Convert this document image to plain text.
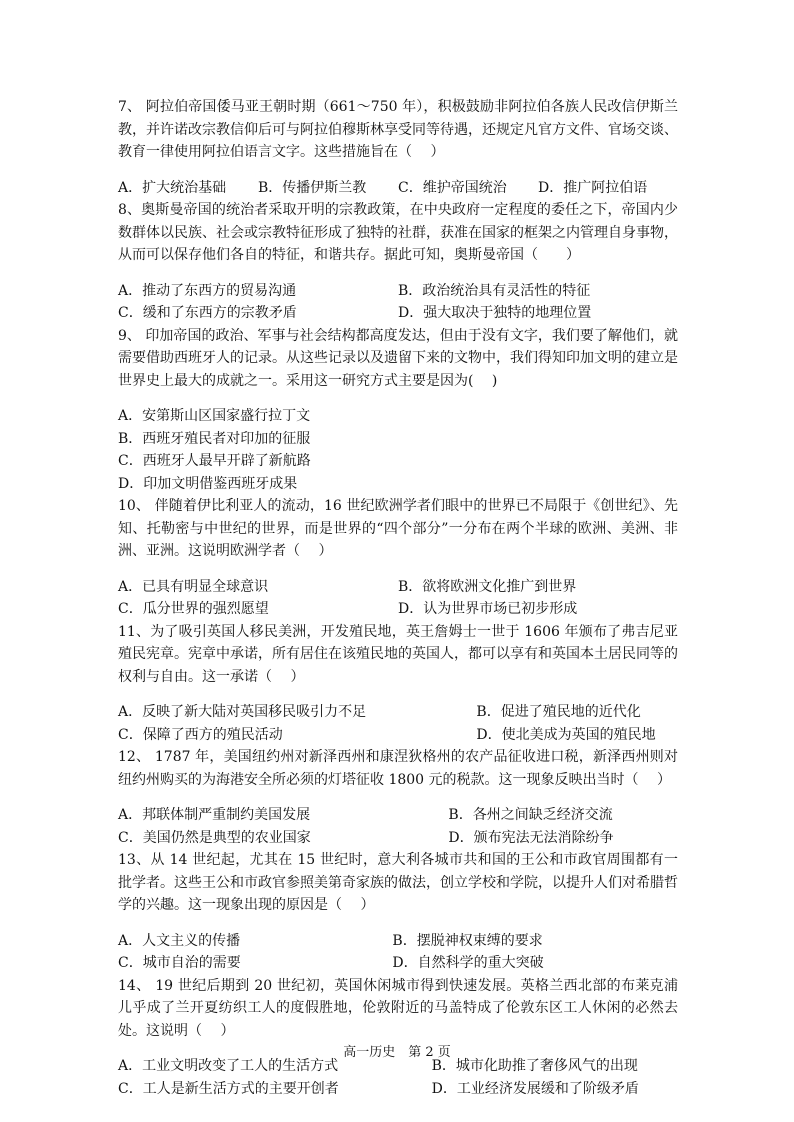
7、 阿拉伯帝国倭马亚王朝时期（661～750 年），积极鼓励非阿拉伯各族人民改信伊斯兰教，并许诺改宗教信仰后可与阿拉伯穆斯林享受同等待遇，还规定凡官方文件、官场交谈、教育一律使用阿拉伯语言文字。这些措施旨在（　 ）

A．扩大统治基础	B．传播伊斯兰教	C．维护帝国统治	D．推广阿拉伯语

8、奥斯曼帝国的统治者采取开明的宗教政策，在中央政府一定程度的委任之下，帝国内少数群体以民族、社会或宗教特征形成了独特的社群，获准在国家的框架之内管理自身事物，从而可以保存他们各自的特征，和谐共存。据此可知，奥斯曼帝国（　　）

A．推动了东西方的贸易沟通	B．政治统治具有灵活性的特征
C．缓和了东西方的宗教矛盾	D．强大取决于独特的地理位置

9、 印加帝国的政治、军事与社会结构都高度发达，但由于没有文字，我们要了解他们，就需要借助西班牙人的记录。从这些记录以及遗留下来的文物中，我们得知印加文明的建立是世界史上最大的成就之一。采用这一研究方式主要是因为(　 )

A．安第斯山区国家盛行拉丁文
B．西班牙殖民者对印加的征服
C．西班牙人最早开辟了新航路
D．印加文明借鉴西班牙成果

10、 伴随着伊比利亚人的流动，16 世纪欧洲学者们眼中的世界已不局限于《创世纪》、先知、托勒密与中世纪的世界，而是世界的“四个部分”一分布在两个半球的欧洲、美洲、非洲、亚洲。这说明欧洲学者（　 ）

A．已具有明显全球意识	B．欲将欧洲文化推广到世界
C．瓜分世界的强烈愿望	D．认为世界市场已初步形成

11、为了吸引英国人移民美洲，开发殖民地，英王詹姆士一世于 1606 年颁布了弗吉尼亚殖民宪章。宪章中承诺，所有居住在该殖民地的英国人，都可以享有和英国本土居民同等的权利与自由。这一承诺（　 ）

A．反映了新大陆对英国移民吸引力不足	B．促进了殖民地的近代化
C．保障了西方的殖民活动	D．使北美成为英国的殖民地

12、 1787 年，美国纽约州对新泽西州和康涅狄格州的农产品征收进口税，新泽西州则对纽约州购买的为海港安全所必须的灯塔征收 1800 元的税款。这一现象反映出当时（　 ）

A．邦联体制严重制约美国发展	B．各州之间缺乏经济交流
C．美国仍然是典型的农业国家	D．颁布宪法无法消除纷争

13、从 14 世纪起，尤其在 15 世纪时，意大利各城市共和国的王公和市政官周围都有一批学者。这些王公和市政官参照美第奇家族的做法，创立学校和学院，以提升人们对希腊哲学的兴趣。这一现象出现的原因是（　 ）

A．人文主义的传播	B．摆脱神权束缚的要求
C．城市自治的需要	D．自然科学的重大突破

14、 19 世纪后期到 20 世纪初，英国休闲城市得到快速发展。英格兰西北部的布莱克浦儿乎成了兰开夏纺织工人的度假胜地，伦敦附近的马盖特成了伦敦东区工人休闲的必然去处。这说明（　 ）

A．工业文明改变了工人的生活方式	B．城市化助推了奢侈风气的出现
C．工人是新生活方式的主要开创者	D．工业经济发展缓和了阶级矛盾
高一历史　第 2 页
